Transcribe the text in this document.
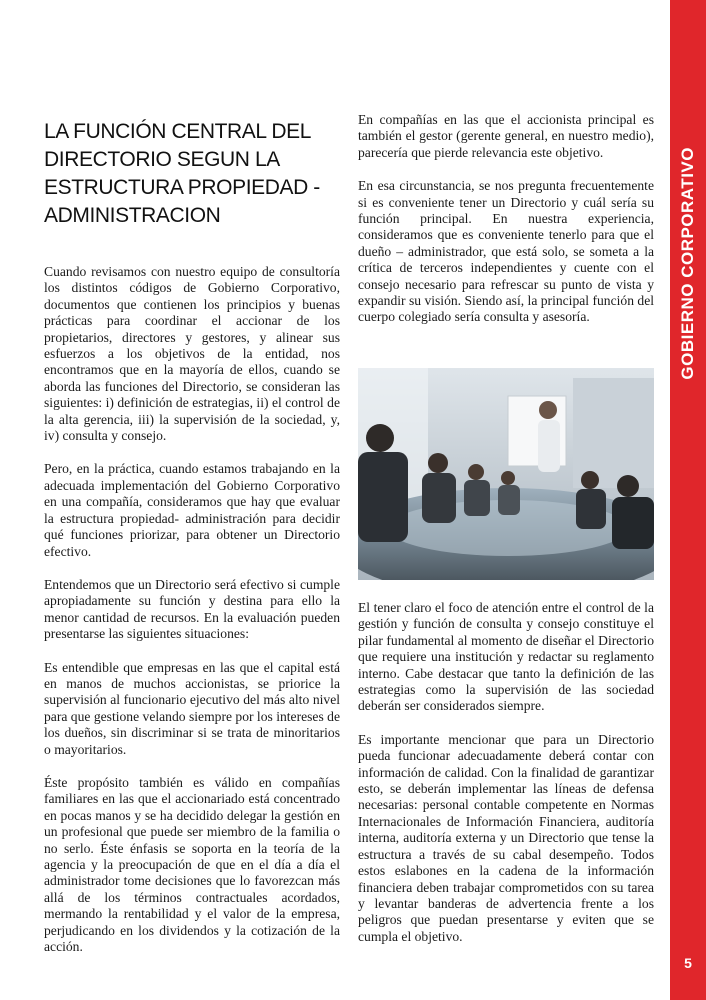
LA FUNCIÓN CENTRAL DEL DIRECTORIO SEGUN LA ESTRUCTURA PROPIEDAD - ADMINISTRACION

Cuando revisamos con nuestro equipo de consultoría los distintos códigos de Gobierno Corporativo, documentos que contienen los principios y buenas prácticas para coordinar el accionar de los propietarios, directores y gestores, y alinear sus esfuerzos a los objetivos de la entidad, nos encontramos que en la mayoría de ellos, cuando se aborda las funciones del Directorio, se consideran las siguientes: i) definición de estrategias, ii) el control de la alta gerencia, iii) la supervisión de la sociedad, y, iv) consulta y consejo.

Pero, en la práctica, cuando estamos trabajando en la adecuada implementación del Gobierno Corporativo en una compañía, consideramos que hay que evaluar la estructura propiedad- administración para decidir qué funciones priorizar, para obtener un Directorio efectivo.

Entendemos que un Directorio será efectivo si cumple apropiadamente su función y destina para ello la menor cantidad de recursos. En la evaluación pueden presentarse las siguientes situaciones:

Es entendible que empresas en las que el capital está en manos de muchos accionistas, se priorice la supervisión al funcionario ejecutivo del más alto nivel para que gestione velando siempre por los intereses de los dueños, sin discriminar si se trata de minoritarios o mayoritarios.

Éste propósito también es válido en compañías familiares en las que el accionariado está concentrado en pocas manos y se ha decidido delegar la gestión en un profesional que puede ser miembro de la familia o no serlo. Éste énfasis se soporta en la teoría de la agencia y la preocupación de que en el día a día el administrador tome decisiones que lo favorezcan más allá de los términos contractuales acordados, mermando la rentabilidad y el valor de la empresa, perjudicando en los dividendos y la cotización de la acción.

En compañías en las que el accionista principal es también el gestor (gerente general, en nuestro medio), parecería que pierde relevancia este objetivo.

En esa circunstancia, se nos pregunta frecuentemente si es conveniente tener un Directorio y cuál sería su función principal. En nuestra experiencia, consideramos que es conveniente tenerlo para que el dueño – administrador, que está solo, se someta a la crítica de terceros independientes y cuente con el consejo necesario para refrescar su punto de vista y expandir su visión. Siendo así, la principal función del cuerpo colegiado sería consulta y asesoría.

El tener claro el foco de atención entre el control de la gestión y función de consulta y consejo constituye el pilar fundamental al momento de diseñar el Directorio que requiere una institución y redactar su reglamento interno. Cabe destacar que tanto la definición de las estrategias como la supervisión de las sociedad deberán ser considerados siempre.

Es importante mencionar que para un Directorio pueda funcionar adecuadamente deberá contar con información de calidad. Con la finalidad de garantizar esto, se deberán implementar las líneas de defensa necesarias: personal contable competente en Normas Internacionales de Información Financiera, auditoría interna, auditoría externa y un Directorio que tense la estructura a través de su cabal desempeño. Todos estos eslabones en la cadena de la información financiera deben trabajar comprometidos con su tarea y levantar banderas de advertencia frente a los peligros que puedan presentarse y eviten que se cumpla el objetivo.

GOBIERNO CORPORATIVO
5
